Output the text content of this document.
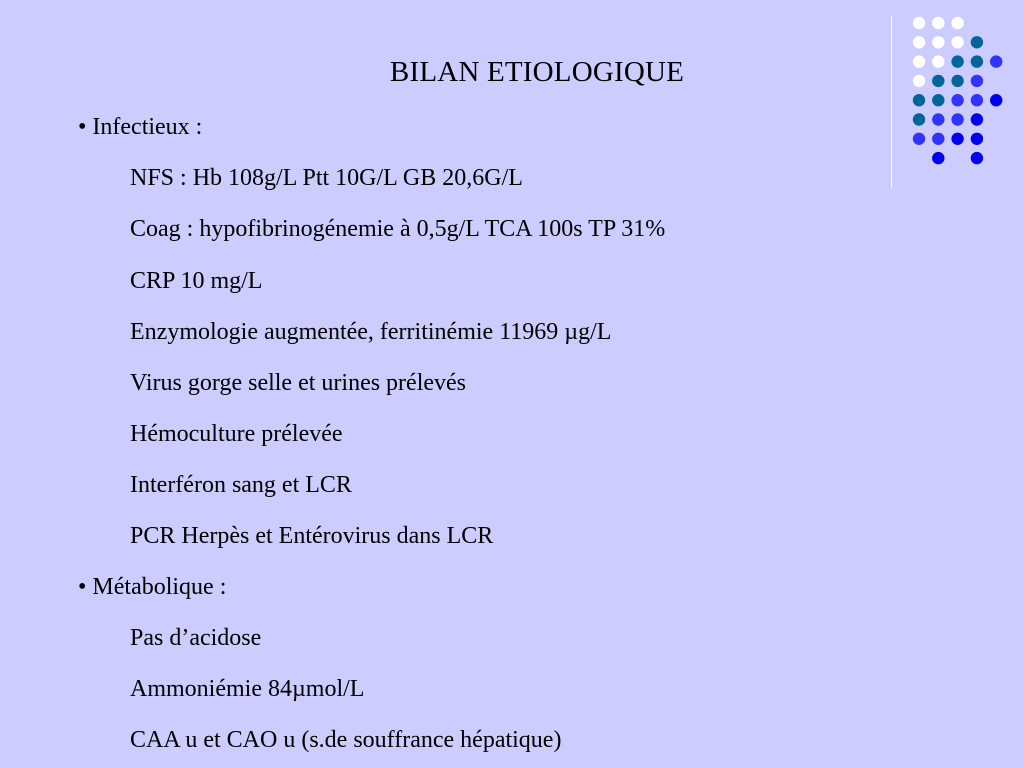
BILAN ETIOLOGIQUE
• Infectieux :
NFS : Hb 108g/L Ptt 10G/L GB 20,6G/L
Coag : hypofibrinogénemie à 0,5g/L TCA 100s TP 31%
CRP 10 mg/L
Enzymologie augmentée, ferritinémie 11969 µg/L
Virus gorge selle et urines prélevés
Hémoculture prélevée
Interféron sang et LCR
PCR Herpès et Entérovirus dans LCR
• Métabolique :
Pas d’acidose
Ammoniémie 84µmol/L
CAA u et CAO u (s.de souffrance hépatique)
